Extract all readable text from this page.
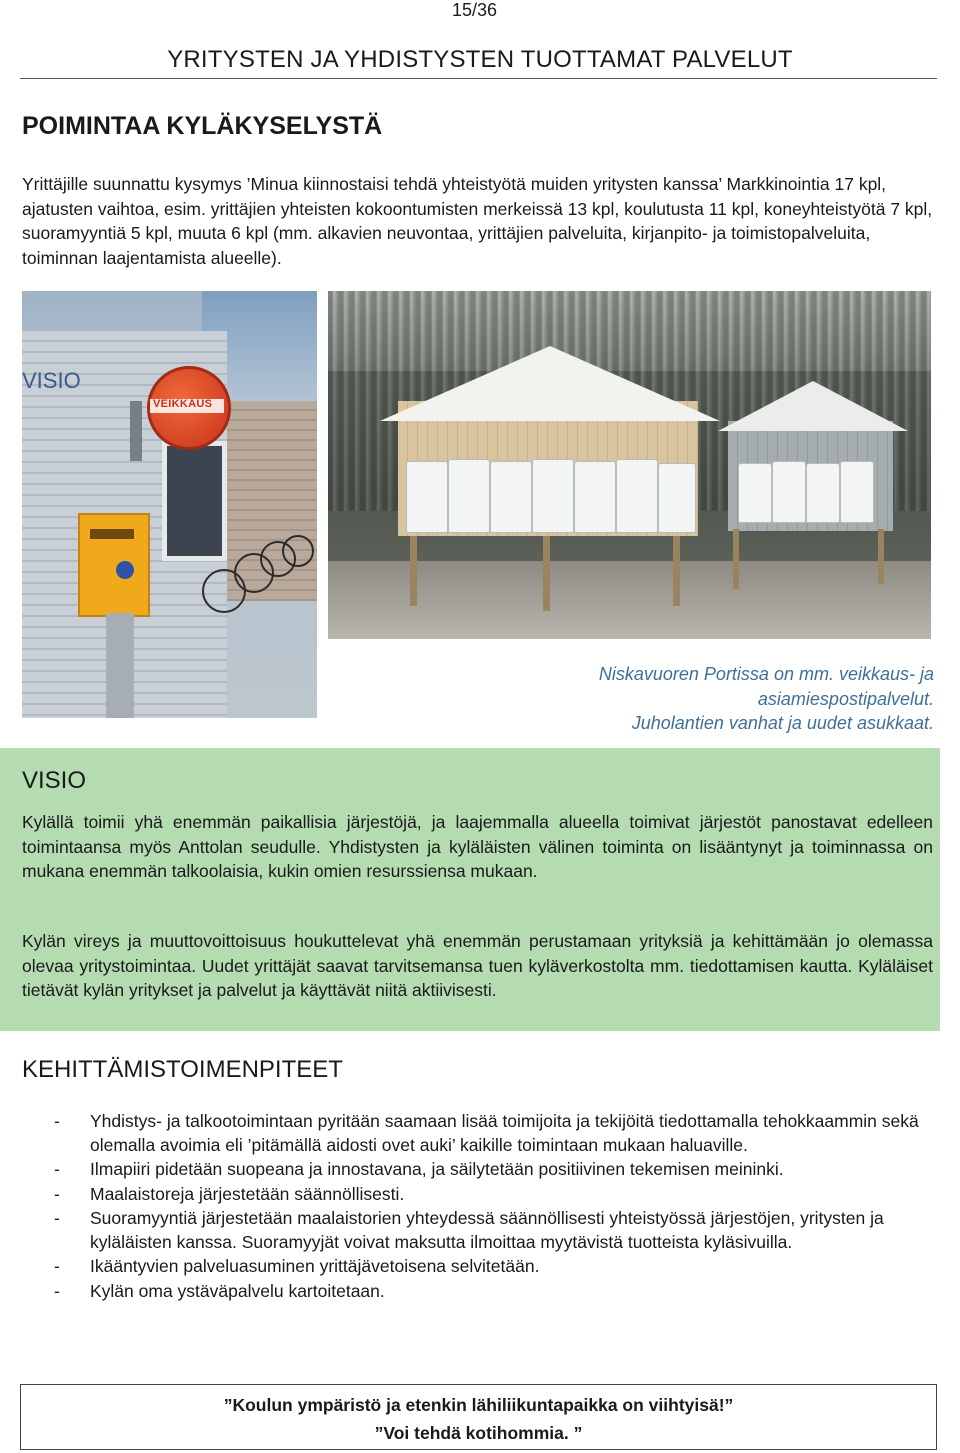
15/36
YRITYSTEN JA YHDISTYSTEN TUOTTAMAT PALVELUT
POIMINTAA KYLÄKYSELYSTÄ

Yrittäjille suunnattu kysymys ’Minua kiinnostaisi tehdä yhteistyötä muiden yritysten kanssa’ Markkinointia 17 kpl, ajatusten vaihtoa, esim. yrittäjien yhteisten kokoontumisten merkeissä 13 kpl, koulutusta 11 kpl, koneyhteistyötä 7 kpl, suoramyyntiä 5 kpl, muuta 6 kpl (mm. alkavien neuvontaa, yrittäjien palveluita, kirjanpito- ja toimistopalveluita, toiminnan laajentamista alueelle).

VEIKKAUS
VISIO

Niskavuoren Portissa on mm. veikkaus- ja
asiamiespostipalvelut.
Juholantien vanhat ja uudet asukkaat.

VISIO

Kylällä toimii yhä enemmän paikallisia järjestöjä, ja laajemmalla alueella toimivat järjestöt panostavat edelleen toimintaansa myös Anttolan seudulle. Yhdistysten ja kyläläisten välinen toiminta on lisääntynyt ja toiminnassa on mukana enemmän talkoolaisia, kukin omien resurssiensa mukaan.

Kylän vireys ja muuttovoittoisuus houkuttelevat yhä enemmän perustamaan yrityksiä ja kehittämään jo olemassa olevaa yritystoimintaa. Uudet yrittäjät saavat tarvitsemansa tuen kyläverkostolta mm. tiedottamisen kautta. Kyläläiset tietävät kylän yritykset ja palvelut ja käyttävät niitä aktiivisesti.

KEHITTÄMISTOIMENPITEET
- Yhdistys- ja talkootoimintaan pyritään saamaan lisää toimijoita ja tekijöitä tiedottamalla tehokkaammin sekä olemalla avoimia eli ’pitämällä aidosti ovet auki’ kaikille toimintaan mukaan haluaville.
- Ilmapiiri pidetään suopeana ja innostavana, ja säilytetään positiivinen tekemisen meininki.
- Maalaistoreja järjestetään säännöllisesti.
- Suoramyyntiä järjestetään maalaistorien yhteydessä säännöllisesti yhteistyössä järjestöjen, yritysten ja kyläläisten kanssa. Suoramyyjät voivat maksutta ilmoittaa myytävistä tuotteista kyläsivuilla.
- Ikääntyvien palveluasuminen yrittäjävetoisena selvitetään.
- Kylän oma ystäväpalvelu kartoitetaan.
”Koulun ympäristö ja etenkin lähiliikuntapaikka on viihtyisä!”
”Voi tehdä kotihommia. ”
